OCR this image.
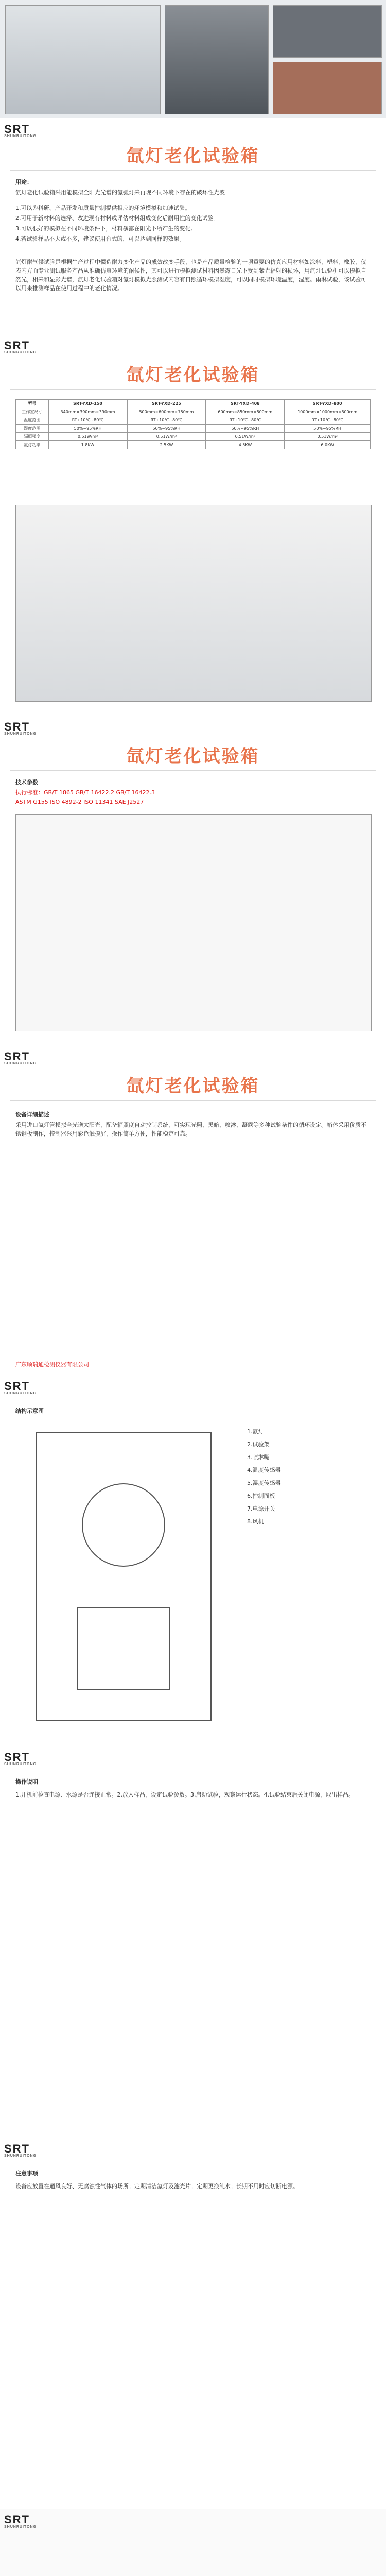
SRT
SHUNRUITONG
氙灯老化试验箱
用途：
氙灯老化试验箱采用能模拟全阳光光谱的氙弧灯来再现不同环境下存在的破坏性光波
1.可以为科研、产品开发和质量控制提供相应的环境模拟和加速试验。
2.可用于新材料的选择、改进现有材料或评估材料组成变化后耐用性的变化试验。
3.可以很好的模拟在不同环境条件下，材料暴露在阳光下所产生的变化。
4.若试验样品不大或不多，建议使用台式的，可以达到同样的效果。
氙灯耐气候试验是根据生产过程中惯造耐力变化产品的成效改变手段，也是产品质量检验的一项重要的仿真应用材料如涂料，塑料，橡胶，仪表内方面专业测试服务产品从准确仿真环境的耐候性，其可以进行模拟测试材料因暴露日光下受到紫光辐射的损坏，用氙灯试验机可以模拟自然光，相来和显影光谱，氙灯老化试验箱对氙灯模拟光照测试内容有日照循环模拟湿度，可以同时模拟环境温度，湿度。雨淋试验，该试验可以用来推测样品在使用过程中的老化情况。
SRT
SHUNRUITONG
氙灯老化试验箱
型号	SRT-YXD-150	SRT-YXD-225	SRT-YXD-408	SRT-YXD-800
工作室尺寸	340mm×390mm×390mm	500mm×600mm×750mm	600mm×850mm×800mm	1000mm×1000mm×800mm
温度范围	RT+10℃~80℃	RT+10℃~80℃	RT+10℃~80℃	RT+10℃~80℃
湿度范围	50%~95%RH	50%~95%RH	50%~95%RH	50%~95%RH
辐照强度	0.51W/m²	0.51W/m²	0.51W/m²	0.51W/m²
氙灯功率	1.8KW	2.5KW	4.5KW	6.0KW
SRT
SHUNRUITONG
氙灯老化试验箱
技术参数
执行标准：GB/T 1865 GB/T 16422.2 GB/T 16422.3
ASTM G155 ISO 4892-2 ISO 11341 SAE J2527
SRT
SHUNRUITONG
氙灯老化试验箱
设备详细描述
采用进口氙灯管模拟全光谱太阳光，配备辐照度自动控制系统，可实现光照、黑暗、喷淋、凝露等多种试验条件的循环设定。箱体采用优质不锈钢板制作，控制器采用彩色触摸屏，操作简单方便，性能稳定可靠。
广东顺瑞通检测仪器有限公司
SRT
SHUNRUITONG
结构示意图
1.氙灯
2.试验架
3.喷淋嘴
4.温度传感器
5.湿度传感器
6.控制面板
7.电源开关
8.风机
SRT
SHUNRUITONG
操作说明
1.开机前检查电源、水源是否连接正常。2.放入样品，设定试验参数。3.启动试验，观察运行状态。4.试验结束后关闭电源，取出样品。
SRT
SHUNRUITONG
注意事项
设备应放置在通风良好、无腐蚀性气体的场所；定期清洁氙灯及滤光片；定期更换纯水；长期不用时应切断电源。
SRT
SHUNRUITONG
